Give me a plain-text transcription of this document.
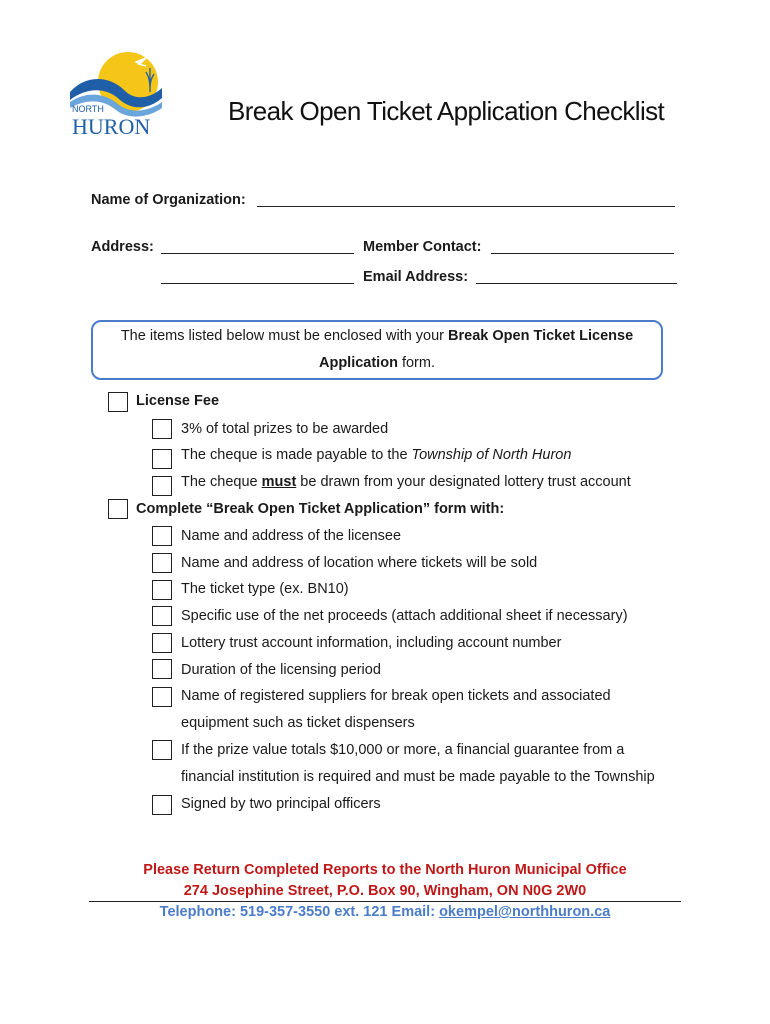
NORTH
HURON
Break Open Ticket Application Checklist
Name of Organization:
Address:	Member Contact:
Email Address:
The items listed below must be enclosed with your Break Open Ticket License
Application form.
License Fee
3% of total prizes to be awarded
The cheque is made payable to the Township of North Huron
The cheque must be drawn from your designated lottery trust account
Complete “Break Open Ticket Application” form with:
Name and address of the licensee
Name and address of location where tickets will be sold
The ticket type (ex. BN10)
Specific use of the net proceeds (attach additional sheet if necessary)
Lottery trust account information, including account number
Duration of the licensing period
Name of registered suppliers for break open tickets and associated
equipment such as ticket dispensers
If the prize value totals $10,000 or more, a financial guarantee from a
financial institution is required and must be made payable to the Township
Signed by two principal officers
Please Return Completed Reports to the North Huron Municipal Office
274 Josephine Street, P.O. Box 90, Wingham, ON N0G 2W0
Telephone: 519-357-3550 ext. 121 Email: okempel@northhuron.ca
